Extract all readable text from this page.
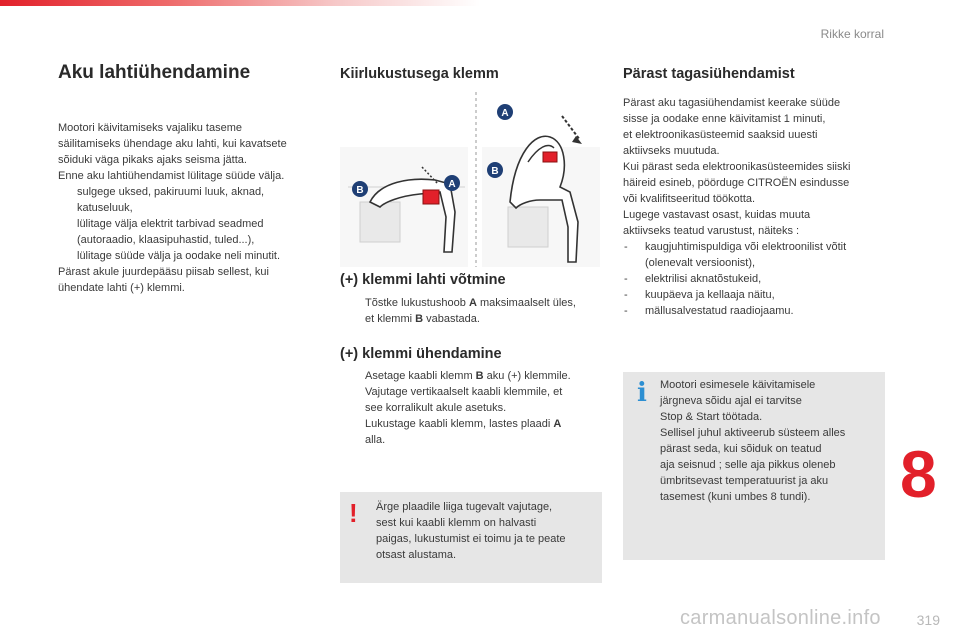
Rikke korral
Aku lahtiühendamine
Mootori käivitamiseks vajaliku taseme
säilitamiseks ühendage aku lahti, kui kavatsete
sõiduki väga pikaks ajaks seisma jätta.
Enne aku lahtiühendamist lülitage süüde välja.
sulgege uksed, pakiruumi luuk, aknad,
katuseluuk,
lülitage välja elektrit tarbivad seadmed
(autoraadio, klaasipuhastid, tuled...),
lülitage süüde välja ja oodake neli minutit.
Pärast akule juurdepääsu piisab sellest, kui
ühendate lahti (+) klemmi.
Kiirlukustusega klemm
B
A
A
B
(+) klemmi lahti võtmine
Tõstke lukustushoob A maksimaalselt üles,
et klemmi B vabastada.
(+) klemmi ühendamine
Asetage kaabli klemm B aku (+) klemmile.
Vajutage vertikaalselt kaabli klemmile, et
see korralikult akule asetuks.
Lukustage kaabli klemm, lastes plaadi A
alla.
! Ärge plaadile liiga tugevalt vajutage,
sest kui kaabli klemm on halvasti
paigas, lukustumist ei toimu ja te peate
otsast alustama.
Pärast tagasiühendamist
Pärast aku tagasiühendamist keerake süüde
sisse ja oodake enne käivitamist 1 minuti,
et elektroonikasüsteemid saaksid uuesti
aktiivseks muutuda.
Kui pärast seda elektroonikasüsteemides siiski
häireid esineb, pöörduge CITROËN esindusse
või kvalifitseeritud töökotta.
Lugege vastavast osast, kuidas muuta
aktiivseks teatud varustust, näiteks :
- kaugjuhtimispuldiga või elektroonilist võtit
(olenevalt versioonist),
- elektrilisi aknatõstukeid,
- kuupäeva ja kellaaja näitu,
- mällusalvestatud raadiojaamu.
i Mootori esimesele käivitamisele
järgneva sõidu ajal ei tarvitse
Stop & Start töötada.
Sellisel juhul aktiveerub süsteem alles
pärast seda, kui sõiduk on teatud
aja seisnud ; selle aja pikkus oleneb
ümbritsevast temperatuurist ja aku
tasemest (kuni umbes 8 tundi).	8
319
carmanualsonline.info
